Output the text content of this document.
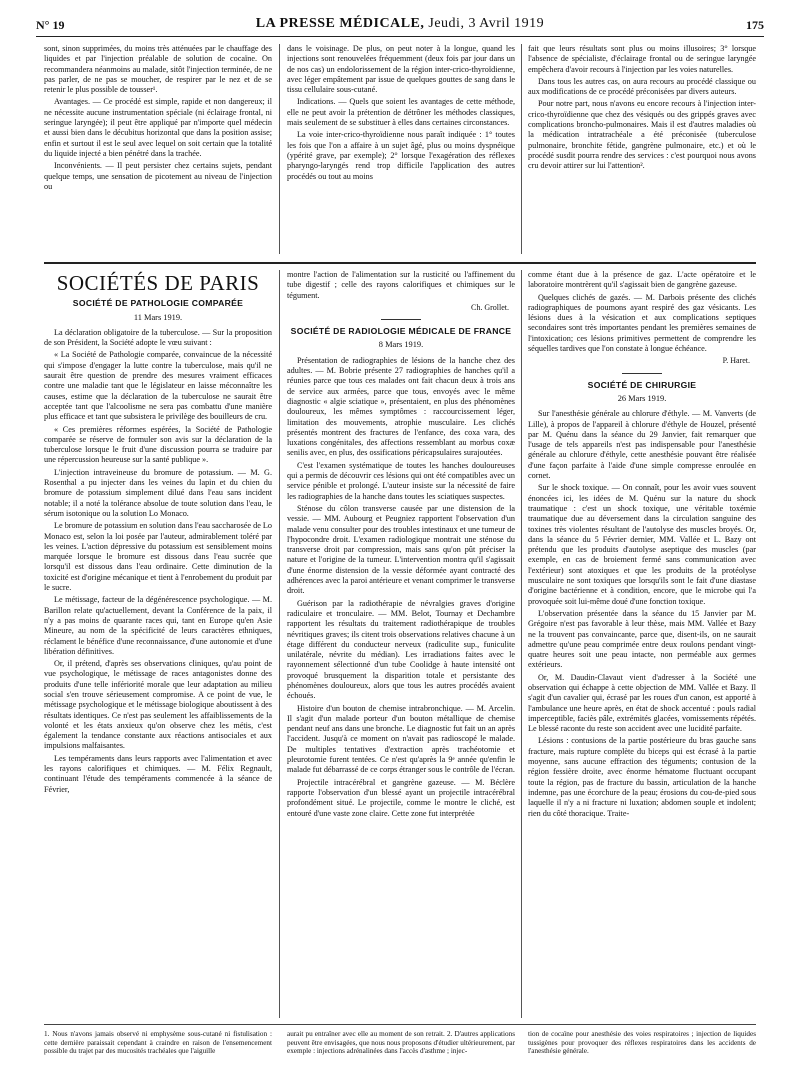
N° 19	LA PRESSE MÉDICALE, Jeudi, 3 Avril 1919	175

sont, sinon supprimées, du moins très atténuées par le chauffage des liquides et par l'injection préalable de solution de cocaïne. On recommandera néanmoins au malade, sitôt l'injection terminée, de ne pas parler, de ne pas se moucher, de respirer par le nez et de se retenir le plus possible de tousser¹.

Avantages. — Ce procédé est simple, rapide et non dangereux; il ne nécessite aucune instrumentation spéciale (ni éclairage frontal, ni seringue laryngée); il peut être appliqué par n'importe quel médecin et aussi bien dans le décubitus horizontal que dans la position assise; enfin et surtout il est le seul avec lequel on soit certain que la totalité du liquide injecté a bien pénétré dans la trachée.

Inconvénients. — Il peut persister chez certains sujets, pendant quelque temps, une sensation de picotement au niveau de l'injection ou

dans le voisinage. De plus, on peut noter à la longue, quand les injections sont renouvelées fréquemment (deux fois par jour dans un de nos cas) un endolorissement de la région inter-crico-thyroïdienne, avec léger empâtement par issue de quelques gouttes de sang dans le tissu cellulaire sous-cutané.

Indications. — Quels que soient les avantages de cette méthode, elle ne peut avoir la prétention de détrôner les méthodes classiques, mais seulement de se substituer à elles dans certaines circonstances.

La voie inter-crico-thyroïdienne nous paraît indiquée : 1° toutes les fois que l'on a affaire à un sujet âgé, plus ou moins dyspnéique (ypérité grave, par exemple); 2° lorsque l'exagération des réflexes pharyngo-laryngés rend trop difficile l'application des autres procédés ou tout au moins

fait que leurs résultats sont plus ou moins illusoires; 3° lorsque l'absence de spécialiste, d'éclairage frontal ou de seringue laryngée empêchera d'avoir recours à l'injection par les voies naturelles.

Dans tous les autres cas, on aura recours au procédé classique ou aux modifications de ce procédé préconisées par divers auteurs.

Pour notre part, nous n'avons eu encore recours à l'injection inter-crico-thyroïdienne que chez des vésiqués ou des grippés graves avec complications broncho-pulmonaires. Mais il est d'autres maladies où la médication intratrachéale a été préconisée (tuberculose pulmonaire, bronchite fétide, gangrène pulmonaire, etc.) et où le procédé susdit pourra rendre des services : c'est pourquoi nous avons cru devoir attirer sur lui l'attention².

SOCIÉTÉS DE PARIS
SOCIÉTÉ DE PATHOLOGIE COMPARÉE
11 Mars 1919.

La déclaration obligatoire de la tuberculose. — Sur la proposition de son Président, la Société adopte le vœu suivant :

« La Société de Pathologie comparée, convaincue de la nécessité qui s'impose d'engager la lutte contre la tuberculose, mais qu'il ne saurait être question de prendre des mesures vraiment efficaces contre une maladie tant que le législateur en laisse méconnaître les causes, estime que la déclaration de la tuberculose ne saurait être acceptée tant que l'alcoolisme ne sera pas combattu d'une manière plus efficace et tant que subsistera le privilège des bouilleurs de cru.

« Ces premières réformes espérées, la Société de Pathologie comparée se réserve de formuler son avis sur la déclaration de la tuberculose lorsque le fruit d'une discussion pourra se traduire par une répercussion heureuse sur la santé publique ».

L'injection intraveineuse du bromure de potassium. — M. G. Rosenthal a pu injecter dans les veines du lapin et du chien du bromure de potassium simplement dilué dans l'eau sans incident notable; il a noté la tolérance absolue de toute solution dans l'eau, le sérum isotonique ou la solution Lo Monaco.

Le bromure de potassium en solution dans l'eau saccharosée de Lo Monaco est, selon la loi posée par l'auteur, admirablement toléré par les veines. L'action dépressive du potassium est sensiblement moins marquée lorsque le bromure est dissous dans l'eau sucrée que lorsqu'il est dissous dans l'eau ordinaire. Cette diminution de la toxicité est d'origine mécanique et tient à l'enrobement du produit par le sucre.

Le métissage, facteur de la dégénérescence psychologique. — M. Barillon relate qu'actuellement, devant la Conférence de la paix, il n'y a pas moins de quarante races qui, tant en Europe qu'en Asie Mineure, au nom de la spécificité de leurs caractères ethniques, réclament le bénéfice d'une reconnaissance, d'une autonomie et d'une libération définitives.

Or, il prétend, d'après ses observations cliniques, qu'au point de vue psychologique, le métissage de races antagonistes donne des produits d'une telle infériorité morale que leur adaptation au milieu social s'en trouve sérieusement compromise. A ce point de vue, le métissage psychologique et le métissage biologique aboutissent à des résultats identiques. Ce n'est pas seulement les affaiblissements de la volonté et les états anxieux qu'on observe chez les métis, c'est également la tendance constante aux réactions antisociales et aux impulsions malfaisantes.

Les tempéraments dans leurs rapports avec l'alimentation et avec les rayons calorifiques et chimiques. — M. Félix Regnault, continuant l'étude des tempéraments commencée à la séance de Février,

montre l'action de l'alimentation sur la rusticité ou l'affinement du tube digestif ; celle des rayons calorifiques et chimiques sur le tégument.

Ch. Grollet.
SOCIÉTÉ DE RADIOLOGIE MÉDICALE DE FRANCE
8 Mars 1919.

Présentation de radiographies de lésions de la hanche chez des adultes. — M. Bobrie présente 27 radiographies de hanches qu'il a réunies parce que tous ces malades ont fait chacun deux à trois ans de service aux armées, parce que tous, envoyés avec le même diagnostic « algie sciatique », présentaient, en plus des phénomènes douloureux, les mêmes symptômes : raccourcissement léger, limitation des mouvements, atrophie musculaire. Les clichés présentés montrent des fractures de l'enfance, des coxa vara, des luxations congénitales, des affections ressemblant au morbus coxæ senilis avec, en plus, des ossifications péricapsulaires surajoutées.

C'est l'examen systématique de toutes les hanches douloureuses qui a permis de découvrir ces lésions qui ont été compatibles avec un service pénible et prolongé. L'auteur insiste sur la nécessité de faire les radiographies de la hanche dans toutes les sciatiques suspectes.

Sténose du côlon transverse causée par une distension de la vessie. — MM. Aubourg et Peugniez rapportent l'observation d'un malade venu consulter pour des troubles intestinaux et une tumeur de l'hypocondre droit. L'examen radiologique montrait une sténose du transverse droit par compression, mais sans qu'on pût préciser la nature et l'origine de la tumeur. L'intervention montra qu'il s'agissait d'une énorme distension de la vessie déformée ayant contracté des adhérences avec la paroi antérieure et venant comprimer le transverse droit.

Guérison par la radiothérapie de névralgies graves d'origine radiculaire et tronculaire. — MM. Belot, Tournay et Dechambre rapportent les résultats du traitement radiothérapique de troubles névritiques graves; ils citent trois observations relatives chacune à un étage différent du conducteur nerveux (radiculite sup., funiculite unilatérale, névrite du médian). Les irradiations faites avec le rayonnement sélectionné d'un tube Coolidge à haute intensité ont provoqué brusquement la disparition totale et persistante des phénomènes douloureux, alors que tous les autres procédés avaient échoués.

Histoire d'un bouton de chemise intrabronchique. — M. Arcelin. Il s'agit d'un malade porteur d'un bouton métallique de chemise pendant neuf ans dans une bronche. Le diagnostic fut fait un an après l'accident. Jusqu'à ce moment on n'avait pas radioscopé le malade. De multiples tentatives d'extraction après trachéotomie et pleurotomie furent tentées. Ce n'est qu'après la 9ᵉ année qu'enfin le malade fut débarrassé de ce corps étranger sous le contrôle de l'écran.

Projectile intracérébral et gangrène gazeuse. — M. Béclère rapporte l'observation d'un blessé ayant un projectile intracérébral profondément situé. Le projectile, comme le montre le cliché, est entouré d'une vaste zone claire. Cette zone fut interprétée

comme étant due à la présence de gaz. L'acte opératoire et le laboratoire montrèrent qu'il s'agissait bien de gangrène gazeuse.

Quelques clichés de gazés. — M. Darbois présente des clichés radiographiques de poumons ayant respiré des gaz vésicants. Les lésions dues à la vésication et aux complications septiques secondaires sont très importantes pendant les premières semaines de l'intoxication; ces lésions primitives permettent de comprendre les séquelles tardives que l'on constate à longue échéance.

P. Haret.
SOCIÉTÉ DE CHIRURGIE
26 Mars 1919.

Sur l'anesthésie générale au chlorure d'éthyle. — M. Vanverts (de Lille), à propos de l'appareil à chlorure d'éthyle de Houzel, présenté par M. Quénu dans la séance du 29 Janvier, fait remarquer que l'usage de tels appareils n'est pas indispensable pour l'anesthésie générale au chlorure d'éthyle, cette anesthésie pouvant être réalisée d'une façon parfaite à l'aide d'une simple compresse enroulée en cornet.

Sur le shock toxique. — On connaît, pour les avoir vues souvent énoncées ici, les idées de M. Quénu sur la nature du shock traumatique : c'est un shock toxique, une véritable toxémie traumatique due au déversement dans la circulation sanguine des toxines très violentes résultant de l'autolyse des muscles broyés. Or, dans la séance du 5 Février dernier, MM. Vallée et L. Bazy ont prétendu que les produits d'autolyse aseptique des muscles (par exemple, en cas de broiement fermé sans communication avec l'extérieur) sont atoxiques et que les produits de la protéolyse musculaire ne sont toxiques que lorsqu'ils sont le fait d'une diastase d'origine bactérienne et à condition, encore, que le microbe qui l'a provoquée soit lui-même doué d'une fonction toxique.

L'observation présentée dans la séance du 15 Janvier par M. Grégoire n'est pas favorable à leur thèse, mais MM. Vallée et Bazy ne la trouvent pas convaincante, parce que, disent-ils, on ne saurait admettre qu'une peau comprimée entre deux roulons pendant vingt-quatre heures soit une peau intacte, non perméable aux germes extérieurs.

Or, M. Daudin-Clavaut vient d'adresser à la Société une observation qui échappe à cette objection de MM. Vallée et Bazy. Il s'agit d'un cavalier qui, écrasé par les roues d'un canon, est apporté à l'ambulance une heure après, en état de shock accentué : pouls radial imperceptible, faciès pâle, extrémités glacées, vomissements répétés. Le blessé raconte du reste son accident avec une lucidité parfaite.

Lésions : contusions de la partie postérieure du bras gauche sans fracture, mais rupture complète du biceps qui est écrasé à la partie moyenne, sans aucune effraction des téguments; contusion de la région fessière droite, avec énorme hématome fluctuant occupant toute la région, pas de fracture du bassin, articulation de la hanche indemne, pas une écorchure de la peau; érosions du cou-de-pied sous laquelle il n'y a ni fracture ni luxation; abdomen souple et indolent; rien du côté thoracique. Traite-

1. Nous n'avons jamais observé ni emphysème sous-cutané ni fistulisation : cette dernière paraissait cependant à craindre en raison de l'ensemencement possible du trajet par des mucosités trachéales que l'aiguille

aurait pu entraîner avec elle au moment de son retrait. 2. D'autres applications peuvent être envisagées, que nous nous proposons d'étudier ultérieurement, par exemple : injections adrénalinées dans l'accès d'asthme ; injec-

tion de cocaïne pour anesthésie des voies respiratoires ; injection de liquides tussigènes pour provoquer des réflexes respiratoires dans les accidents de l'anesthésie générale.
